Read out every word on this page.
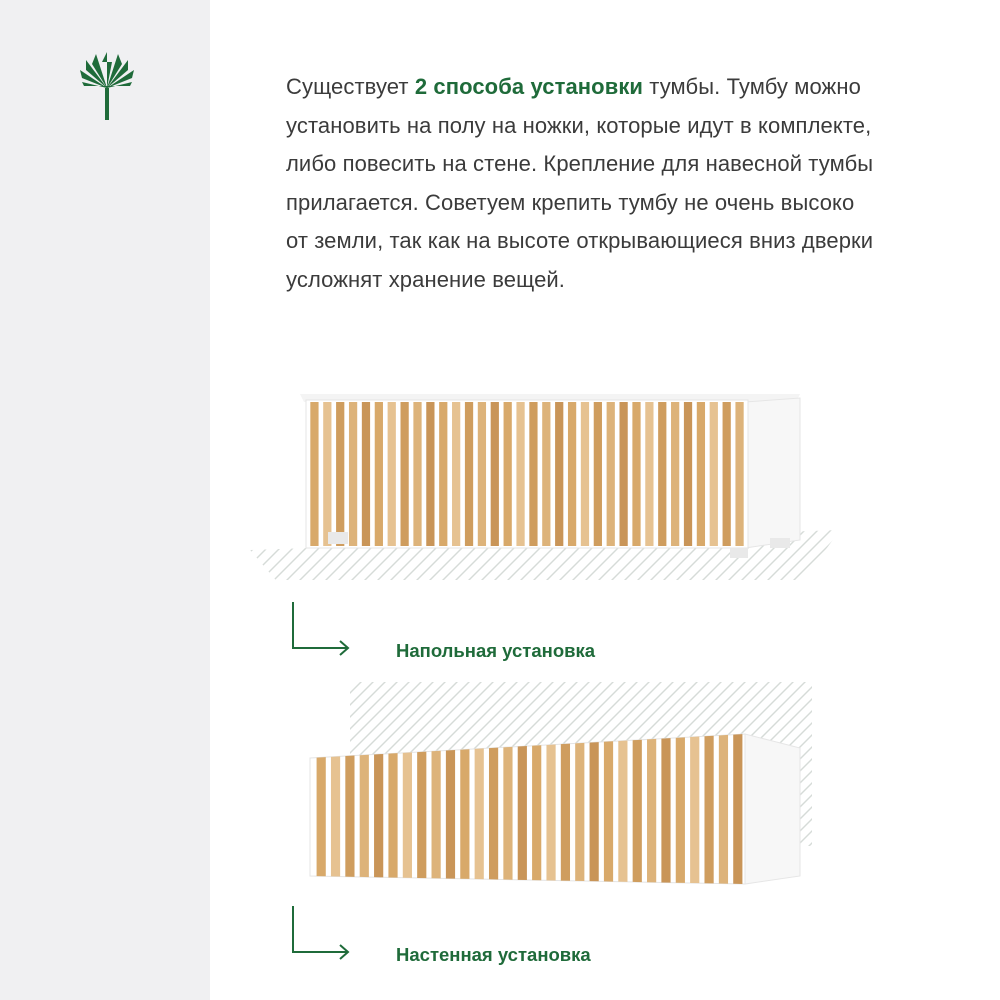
Существует 2 способа установки тумбы. Тумбу можно установить на полу на ножки, которые идут в комплекте, либо повесить на стене. Крепление для навесной тумбы прилагается. Советуем крепить тумбу не очень высоко от земли, так как на высоте открывающиеся вниз дверки усложнят хранение вещей.
Напольная установка
Настенная установка
